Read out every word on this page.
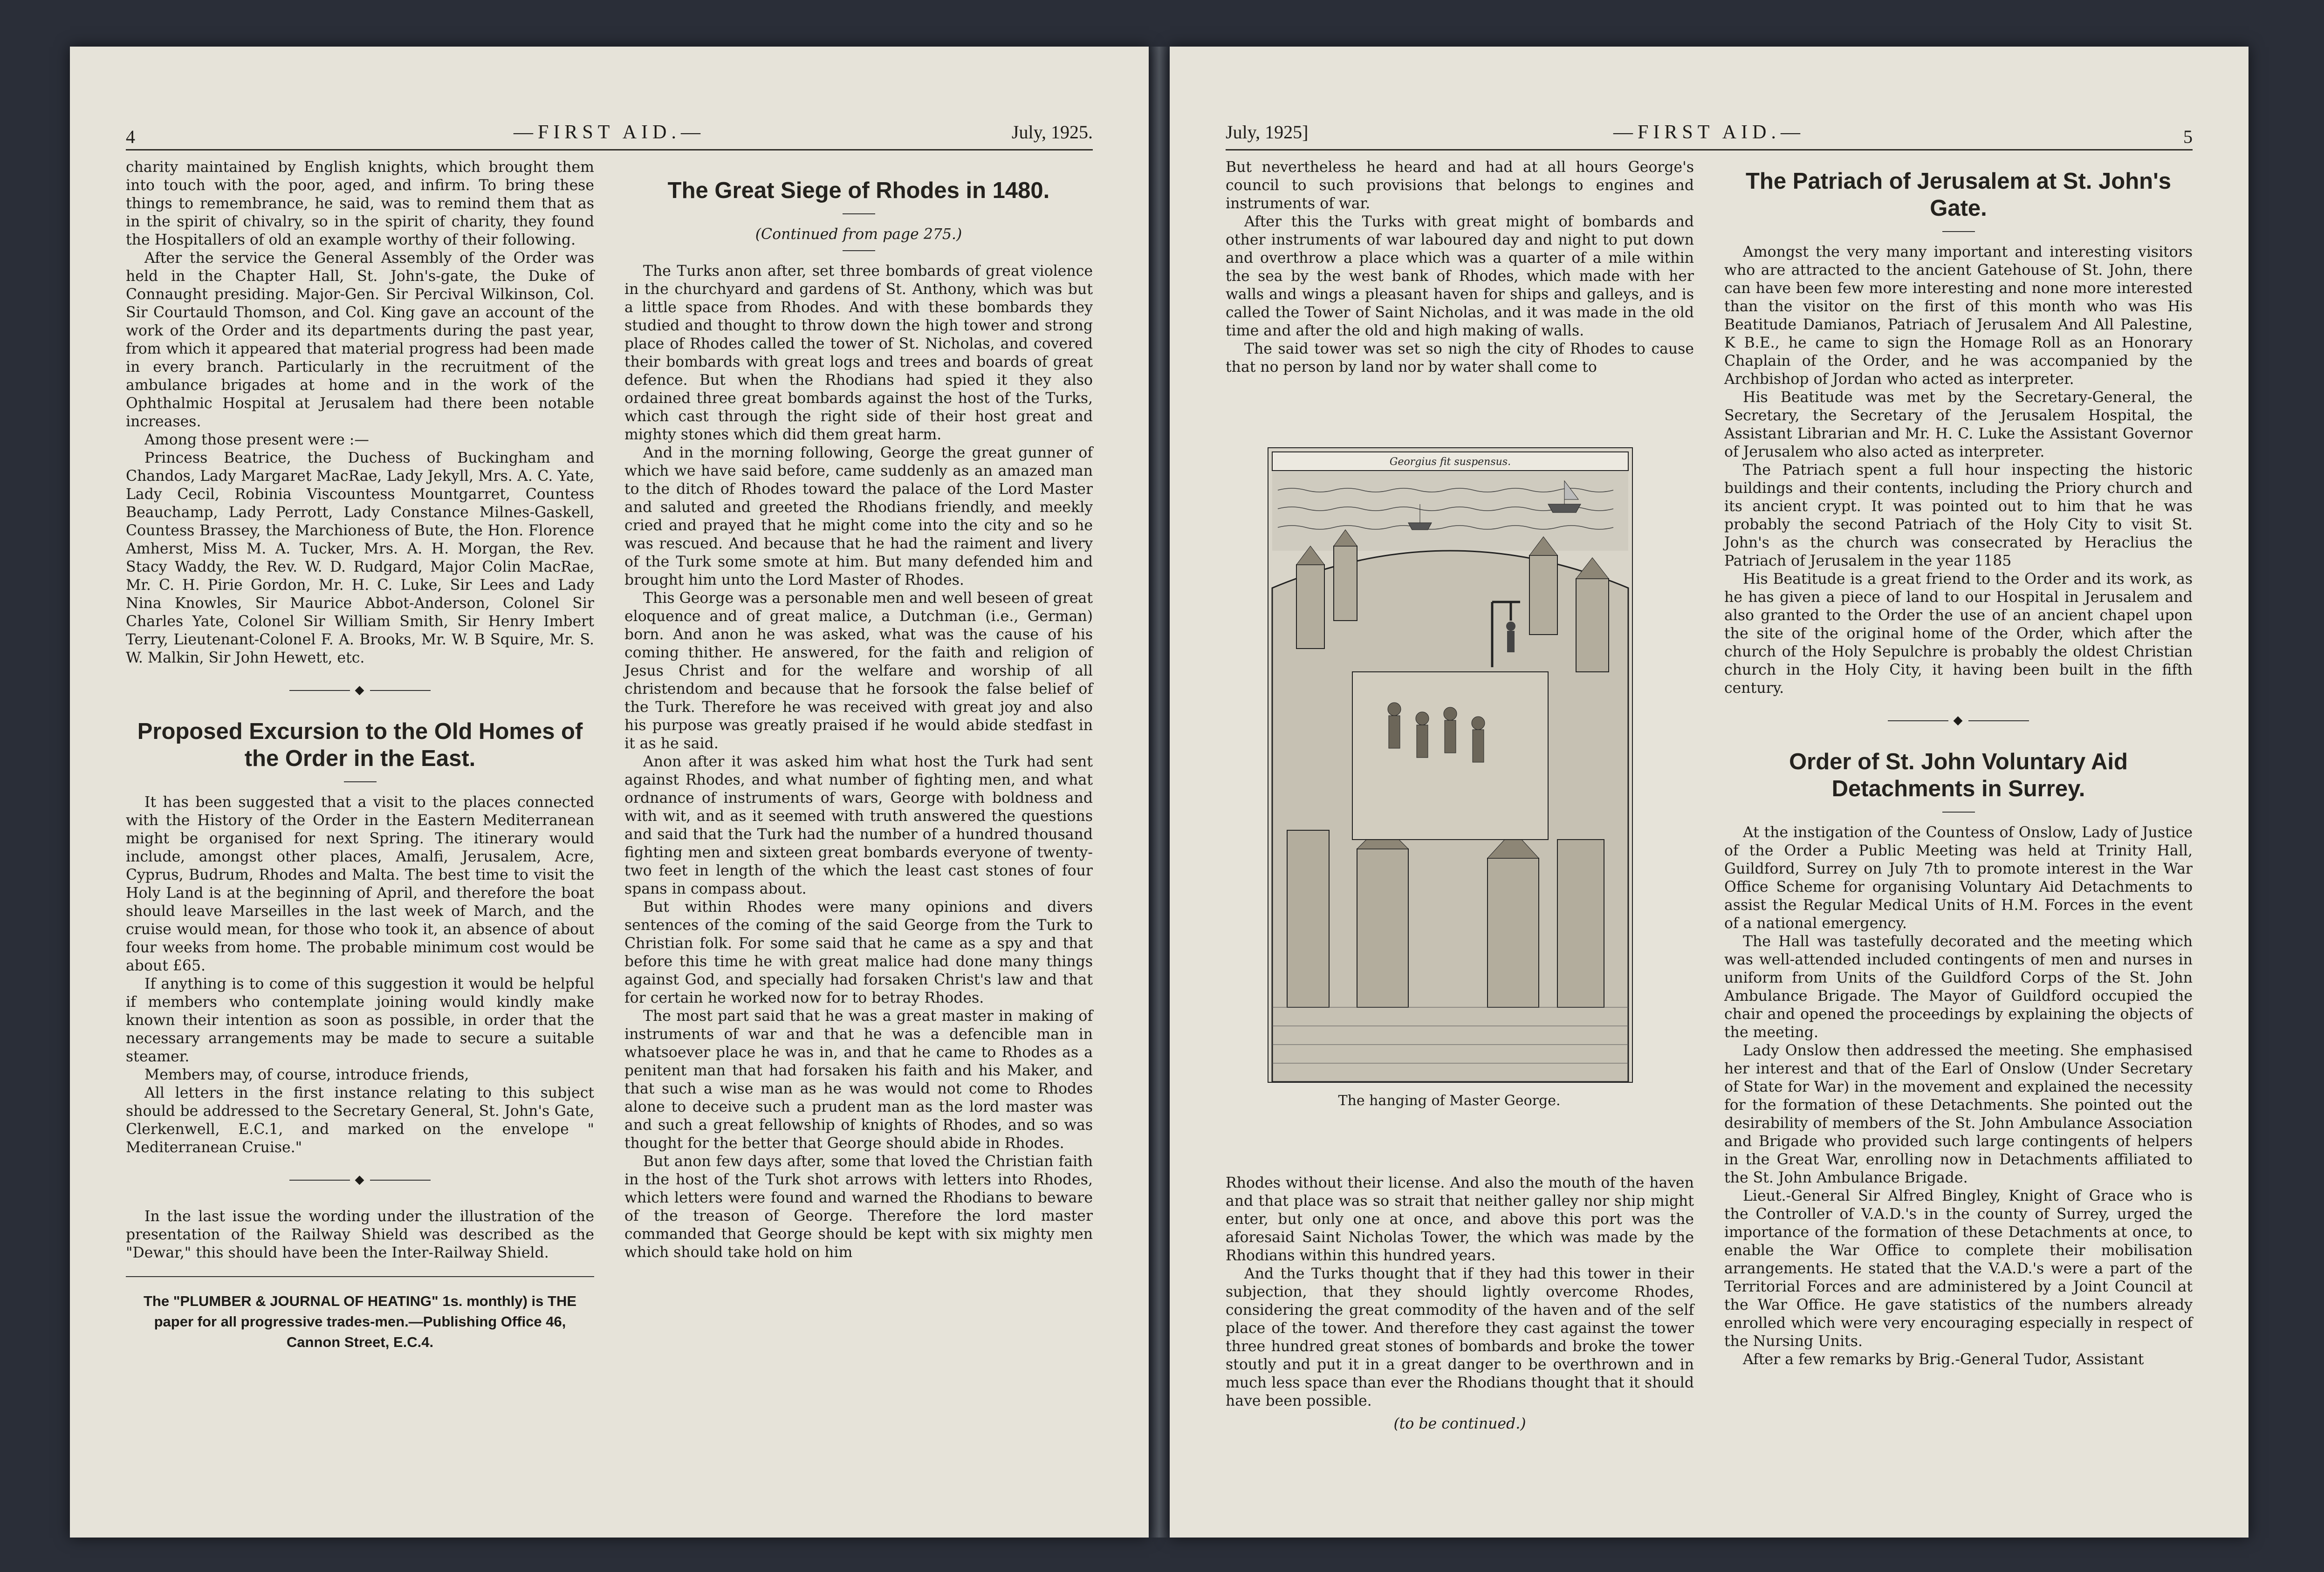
4	—FIRST AID.—	July, 1925.

charity maintained by English knights, which brought them into touch with the poor, aged, and infirm. To bring these things to remembrance, he said, was to remind them that as in the spirit of chivalry, so in the spirit of charity, they found the Hospitallers of old an example worthy of their following.

After the service the General Assembly of the Order was held in the Chapter Hall, St. John's-gate, the Duke of Connaught presiding. Major-Gen. Sir Percival Wilkinson, Col. Sir Courtauld Thomson, and Col. King gave an account of the work of the Order and its departments during the past year, from which it appeared that material progress had been made in every branch. Particularly in the recruitment of the ambulance brigades at home and in the work of the Ophthalmic Hospital at Jerusalem had there been notable increases.

Among those present were :—

Princess Beatrice, the Duchess of Buckingham and Chandos, Lady Margaret MacRae, Lady Jekyll, Mrs. A. C. Yate, Lady Cecil, Robinia Viscountess Mountgarret, Countess Beauchamp, Lady Perrott, Lady Constance Milnes-Gaskell, Countess Brassey, the Marchioness of Bute, the Hon. Florence Amherst, Miss M. A. Tucker, Mrs. A. H. Morgan, the Rev. Stacy Waddy, the Rev. W. D. Rudgard, Major Colin MacRae, Mr. C. H. Pirie Gordon, Mr. H. C. Luke, Sir Lees and Lady Nina Knowles, Sir Maurice Abbot-Anderson, Colonel Sir Charles Yate, Colonel Sir William Smith, Sir Henry Imbert Terry, Lieutenant-Colonel F. A. Brooks, Mr. W. B Squire, Mr. S. W. Malkin, Sir John Hewett, etc.

◆
Proposed Excursion to the Old Homes of the Order in the East.

It has been suggested that a visit to the places connected with the History of the Order in the Eastern Mediterranean might be organised for next Spring. The itinerary would include, amongst other places, Amalfi, Jerusalem, Acre, Cyprus, Budrum, Rhodes and Malta. The best time to visit the Holy Land is at the beginning of April, and therefore the boat should leave Marseilles in the last week of March, and the cruise would mean, for those who took it, an absence of about four weeks from home. The probable minimum cost would be about £65.

If anything is to come of this suggestion it would be helpful if members who contemplate joining would kindly make known their intention as soon as possible, in order that the necessary arrangements may be made to secure a suitable steamer.

Members may, of course, introduce friends,

All letters in the first instance relating to this subject should be addressed to the Secretary General, St. John's Gate, Clerkenwell, E.C.1, and marked on the envelope " Mediterranean Cruise."

◆

In the last issue the wording under the illustration of the presentation of the Railway Shield was described as the "Dewar," this should have been the Inter-Railway Shield.

The "PLUMBER & JOURNAL OF HEATING" 1s. monthly) is THE paper for all progressive trades-men.—Publishing Office 46, Cannon Street, E.C.4.
The Great Siege of Rhodes in 1480.

(Continued from page 275.)

The Turks anon after, set three bombards of great violence in the churchyard and gardens of St. Anthony, which was but a little space from Rhodes. And with these bombards they studied and thought to throw down the high tower and strong place of Rhodes called the tower of St. Nicholas, and covered their bombards with great logs and trees and boards of great defence. But when the Rhodians had spied it they also ordained three great bombards against the host of the Turks, which cast through the right side of their host great and mighty stones which did them great harm.

And in the morning following, George the great gunner of which we have said before, came suddenly as an amazed man to the ditch of Rhodes toward the palace of the Lord Master and saluted and greeted the Rhodians friendly, and meekly cried and prayed that he might come into the city and so he was rescued. And because that he had the raiment and livery of the Turk some smote at him. But many defended him and brought him unto the Lord Master of Rhodes.

This George was a personable men and well beseen of great eloquence and of great malice, a Dutchman (i.e., German) born. And anon he was asked, what was the cause of his coming thither. He answered, for the faith and religion of Jesus Christ and for the welfare and worship of all christendom and because that he forsook the false belief of the Turk. Therefore he was received with great joy and also his purpose was greatly praised if he would abide stedfast in it as he said.

Anon after it was asked him what host the Turk had sent against Rhodes, and what number of fighting men, and what ordnance of instruments of wars, George with boldness and with wit, and as it seemed with truth answered the questions and said that the Turk had the number of a hundred thousand fighting men and sixteen great bombards everyone of twenty-two feet in length of the which the least cast stones of four spans in compass about.

But within Rhodes were many opinions and divers sentences of the coming of the said George from the Turk to Christian folk. For some said that he came as a spy and that before this time he with great malice had done many things against God, and specially had forsaken Christ's law and that for certain he worked now for to betray Rhodes.

The most part said that he was a great master in making of instruments of war and that he was a defencible man in whatsoever place he was in, and that he came to Rhodes as a penitent man that had forsaken his faith and his Maker, and that such a wise man as he was would not come to Rhodes alone to deceive such a prudent man as the lord master was and such a great fellowship of knights of Rhodes, and so was thought for the better that George should abide in Rhodes.

But anon few days after, some that loved the Christian faith in the host of the Turk shot arrows with letters into Rhodes, which letters were found and warned the Rhodians to beware of the treason of George. Therefore the lord master commanded that George should be kept with six mighty men which should take hold on him

July, 1925]	—FIRST AID.—	5

But nevertheless he heard and had at all hours George's council to such provisions that belongs to engines and instruments of war.

After this the Turks with great might of bombards and other instruments of war laboured day and night to put down and overthrow a place which was a quarter of a mile within the sea by the west bank of Rhodes, which made with her walls and wings a pleasant haven for ships and galleys, and is called the Tower of Saint Nicholas, and it was made in the old time and after the old and high making of walls.

The said tower was set so nigh the city of Rhodes to cause that no person by land nor by water shall come to

Rhodes without their license. And also the mouth of the haven and that place was so strait that neither galley nor ship might enter, but only one at once, and above this port was the aforesaid Saint Nicholas Tower, the which was made by the Rhodians within this hundred years.

And the Turks thought that if they had this tower in their subjection, that they should lightly overcome Rhodes, considering the great commodity of the haven and of the self place of the tower. And therefore they cast against the tower three hundred great stones of bombards and broke the tower stoutly and put it in a great danger to be overthrown and in much less space than ever the Rhodians thought that it should have been possible.

(to be continued.)

The Patriach of Jerusalem at St. John's Gate.

Amongst the very many important and interesting visitors who are attracted to the ancient Gatehouse of St. John, there can have been few more interesting and none more interested than the visitor on the first of this month who was His Beatitude Damianos, Patriach of Jerusalem And All Palestine, K B.E., he came to sign the Homage Roll as an Honorary Chaplain of the Order, and he was accompanied by the Archbishop of Jordan who acted as interpreter.

His Beatitude was met by the Secretary-General, the Secretary, the Secretary of the Jerusalem Hospital, the Assistant Librarian and Mr. H. C. Luke the Assistant Governor of Jerusalem who also acted as interpreter.

The Patriach spent a full hour inspecting the historic buildings and their contents, including the Priory church and its ancient crypt. It was pointed out to him that he was probably the second Patriach of the Holy City to visit St. John's as the church was consecrated by Heraclius the Patriach of Jerusalem in the year 1185

His Beatitude is a great friend to the Order and its work, as he has given a piece of land to our Hospital in Jerusalem and also granted to the Order the use of an ancient chapel upon the site of the original home of the Order, which after the church of the Holy Sepulchre is probably the oldest Christian church in the Holy City, it having been built in the fifth century.

◆
Order of St. John Voluntary Aid Detachments in Surrey.

At the instigation of the Countess of Onslow, Lady of Justice of the Order a Public Meeting was held at Trinity Hall, Guildford, Surrey on July 7th to promote interest in the War Office Scheme for organising Voluntary Aid Detachments to assist the Regular Medical Units of H.M. Forces in the event of a national emergency.

The Hall was tastefully decorated and the meeting which was well-attended included contingents of men and nurses in uniform from Units of the Guildford Corps of the St. John Ambulance Brigade. The Mayor of Guildford occupied the chair and opened the proceedings by explaining the objects of the meeting.

Lady Onslow then addressed the meeting. She emphasised her interest and that of the Earl of Onslow (Under Secretary of State for War) in the movement and explained the necessity for the formation of these Detachments. She pointed out the desirability of members of the St. John Ambulance Association and Brigade who provided such large contingents of helpers in the Great War, enrolling now in Detachments affiliated to the St. John Ambulance Brigade.

Lieut.-General Sir Alfred Bingley, Knight of Grace who is the Controller of V.A.D.'s in the county of Surrey, urged the importance of the formation of these Detachments at once, to enable the War Office to complete their mobilisation arrangements. He stated that the V.A.D.'s were a part of the Territorial Forces and are administered by a Joint Council at the War Office. He gave statistics of the numbers already enrolled which were very encouraging especially in respect of the Nursing Units.

After a few remarks by Brig.-General Tudor, Assistant

Georgius fit suspensus.
The hanging of Master George.
